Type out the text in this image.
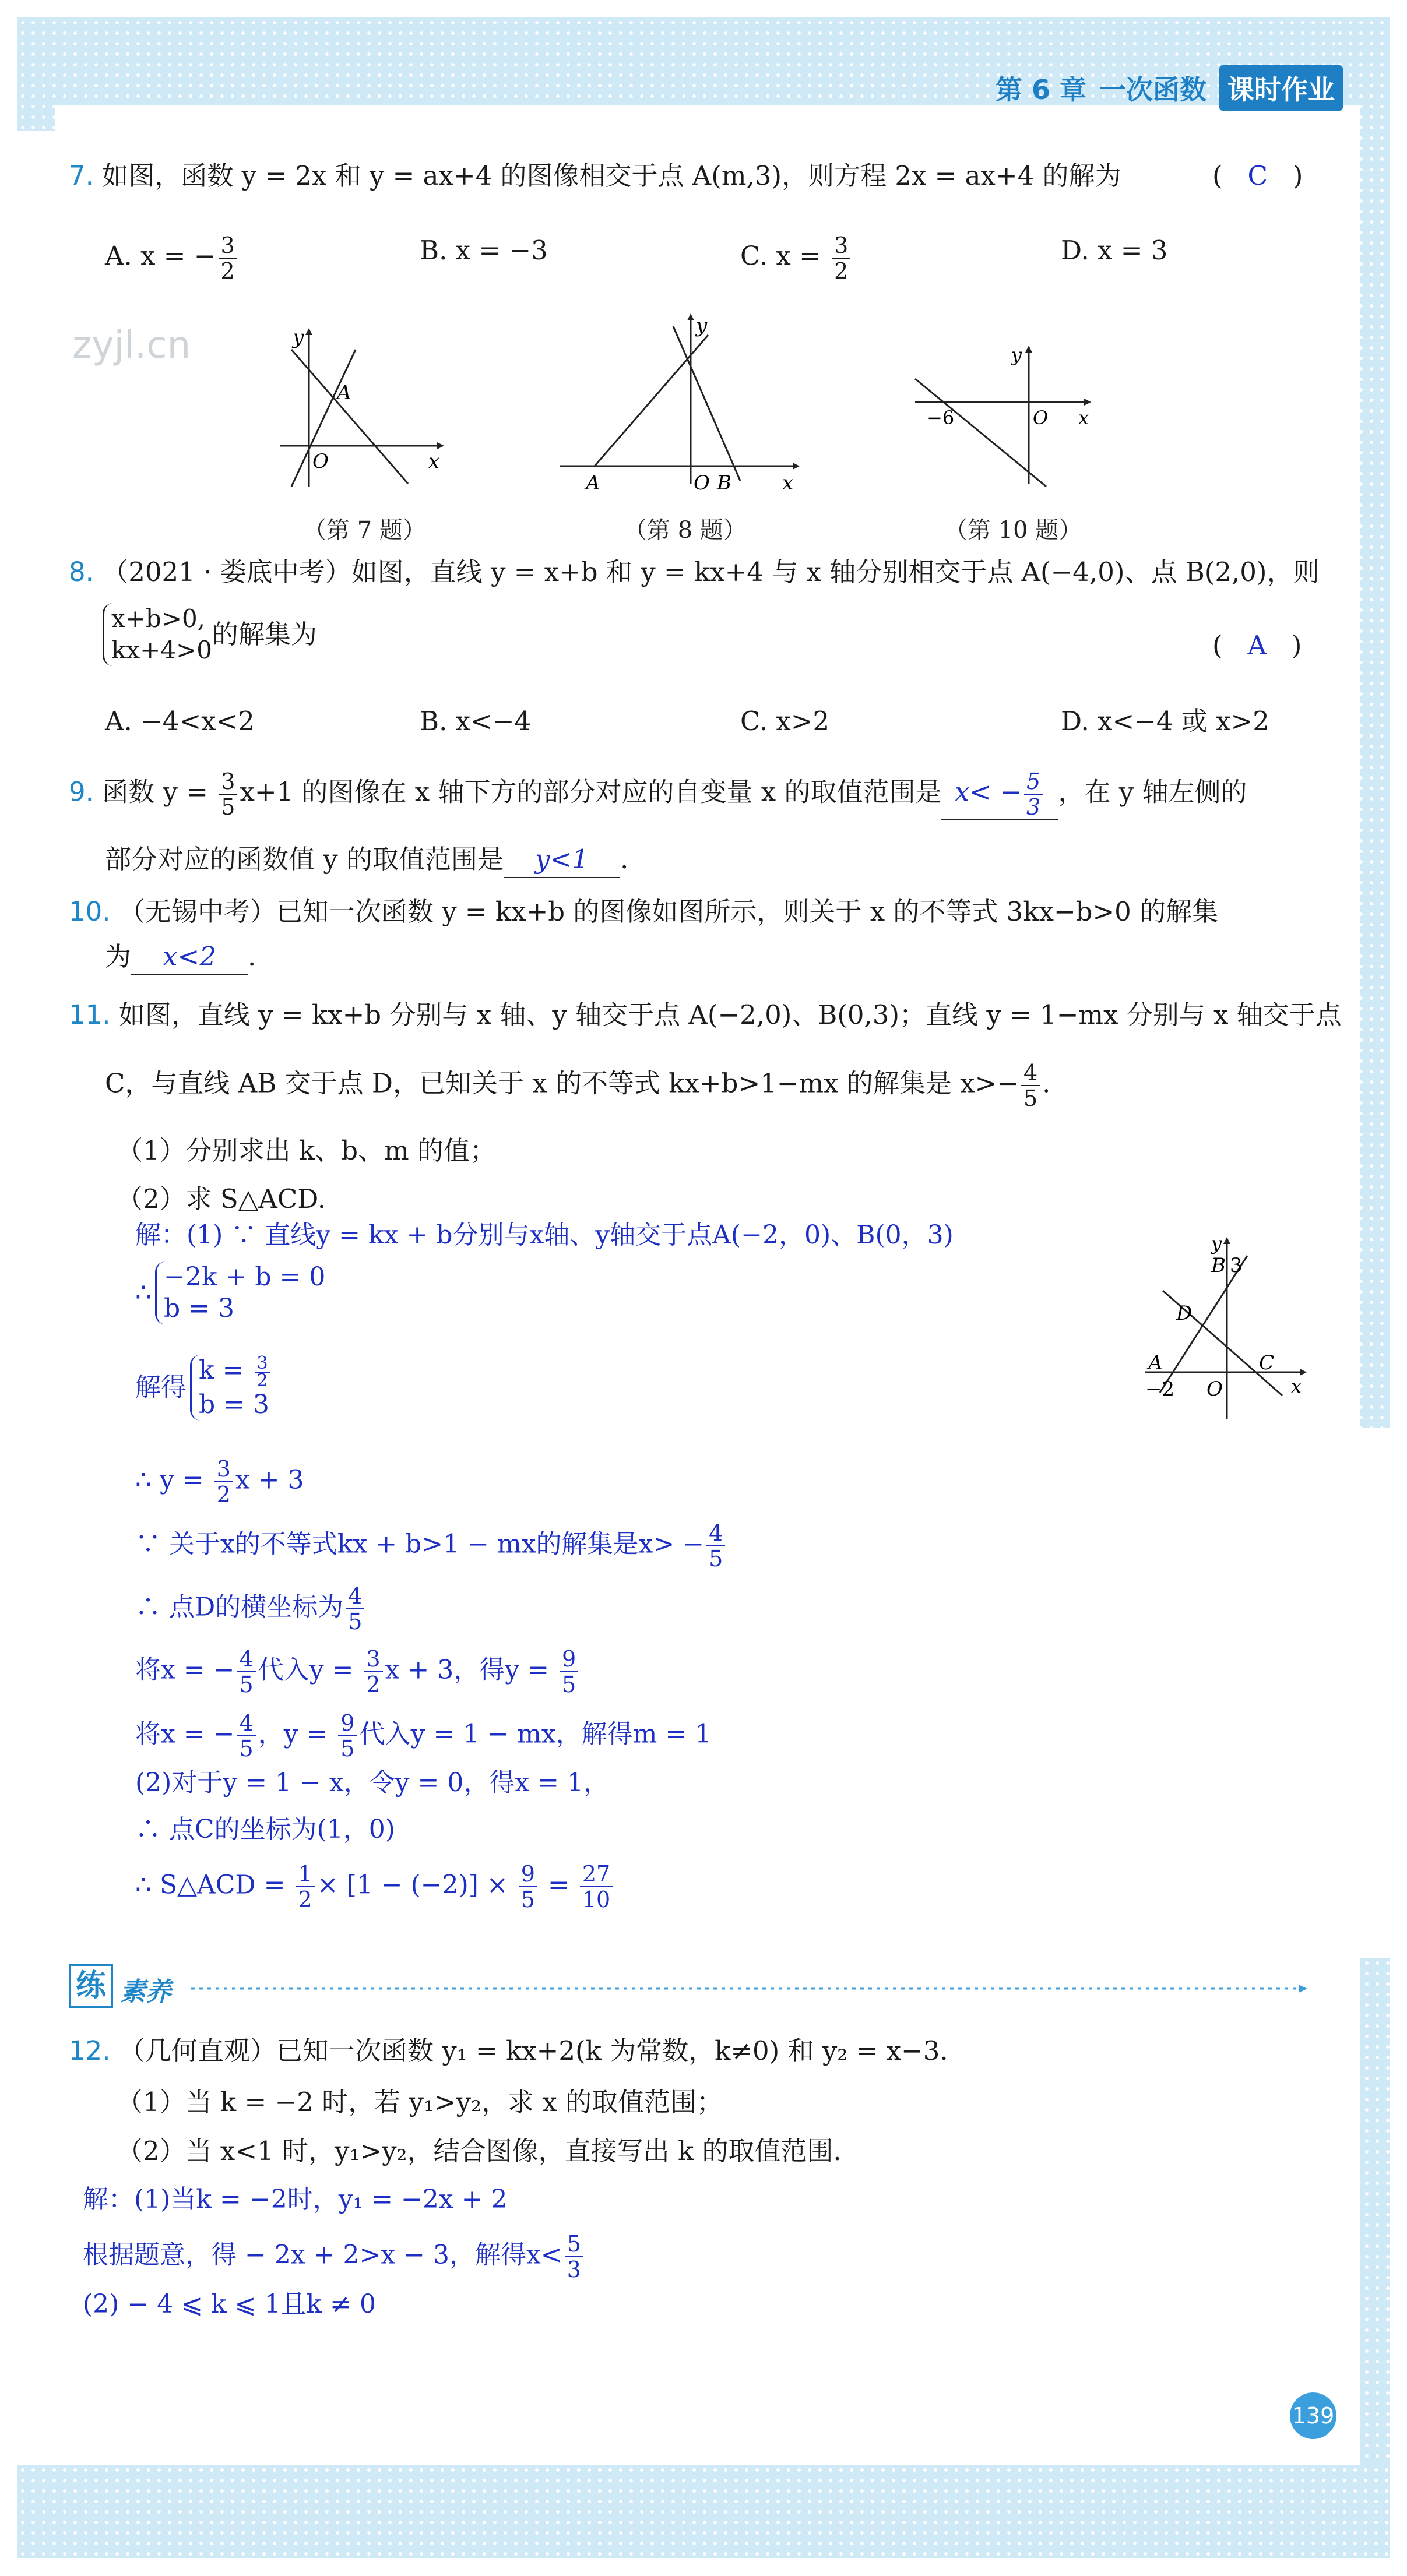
第 6 章 一次函数 课时作业
zyjl.cn
7. 如图，函数 y = 2x 和 y = ax+4 的图像相交于点 A(m,3)，则方程 2x = ax+4 的解为	(   C   )
A. x = − $\frac{3}{2}$	B. x = −3	C. $x = \frac{3}{2}$	D. x = 3
y
x
O
A
（第 7 题）
y
x
O
A	B
（第 8 题）
y
x
O
−6
（第 10 题）
8. （2021 · 娄底中考）如图，直线 y = x+b 和 y = kx+4 与 x 轴分别相交于点 A(−4,0)、点 B(2,0)，则
x+b>0,
kx+4>0
的解集为	(   A   )
A. −4<x<2	B. x<−4	C. x>2	D. x<−4 或 x>2
9. 函数 $y = \frac{3}{5} x+1$ 的图像在 x 轴下方的部分对应的自变量 x 的取值范围是 $x< - \frac{5}{3}$ ，在 y 轴左侧的
部分对应的函数值 y 的取值范围是 y<1 .
10. （无锡中考）已知一次函数 y = kx+b 的图像如图所示，则关于 x 的不等式 3kx−b>0 的解集
为 x<2 .
11. 如图，直线 y = kx+b 分别与 x 轴、y 轴交于点 A(−2,0)、B(0,3)；直线 y = 1−mx 分别与 x 轴交于点
C，与直线 AB 交于点 D，已知关于 x 的不等式 kx+b>1−mx 的解集是 $x>- \frac{4}{5}$ .
（1）分别求出 k、b、m 的值；
（2）求 S△ACD.
y
B 3
D
A	C
−2 O	x
解：(1) ∵ 直线y = kx + b分别与x轴、y轴交于点A(−2，0)、B(0，3)
∴
−2k + b = 0
b = 3
解得
$k = \frac{3}{2}$
b = 3
∴ $y = \frac{3}{2}$ x + 3
∵ 关于x的不等式kx + b>1 − mx的解集是$x> - \frac{4}{5}$
∴ 点D的横坐标为 $\frac{4}{5}$
将x = − $\frac{4}{5}$ 代入$y = \frac{3}{2}$ x + 3，得$y = \frac{9}{5}$
将x = − $\frac{4}{5}$ ，$y = \frac{9}{5}$ 代入y = 1 − mx，解得m = 1
(2)对于y = 1 − x，令y = 0，得x = 1，
∴ 点C的坐标为(1，0)
∴ S△ACD = $\frac{1}{2} \times [1 - (-2)] \times \frac{9}{5} = \frac{27}{10}$
练 素养
12. （几何直观）已知一次函数 y₁ = kx+2(k 为常数，k≠0) 和 y₂ = x−3.
（1）当 k = −2 时，若 y₁>y₂，求 x 的取值范围；
（2）当 x<1 时，y₁>y₂，结合图像，直接写出 k 的取值范围.
解：(1)当k = −2时，y₁ = −2x + 2
根据题意，得 − 2x + 2>x − 3，解得$x< \frac{5}{3}$
(2) − 4 ⩽ k ⩽ 1且k ≠ 0
139
